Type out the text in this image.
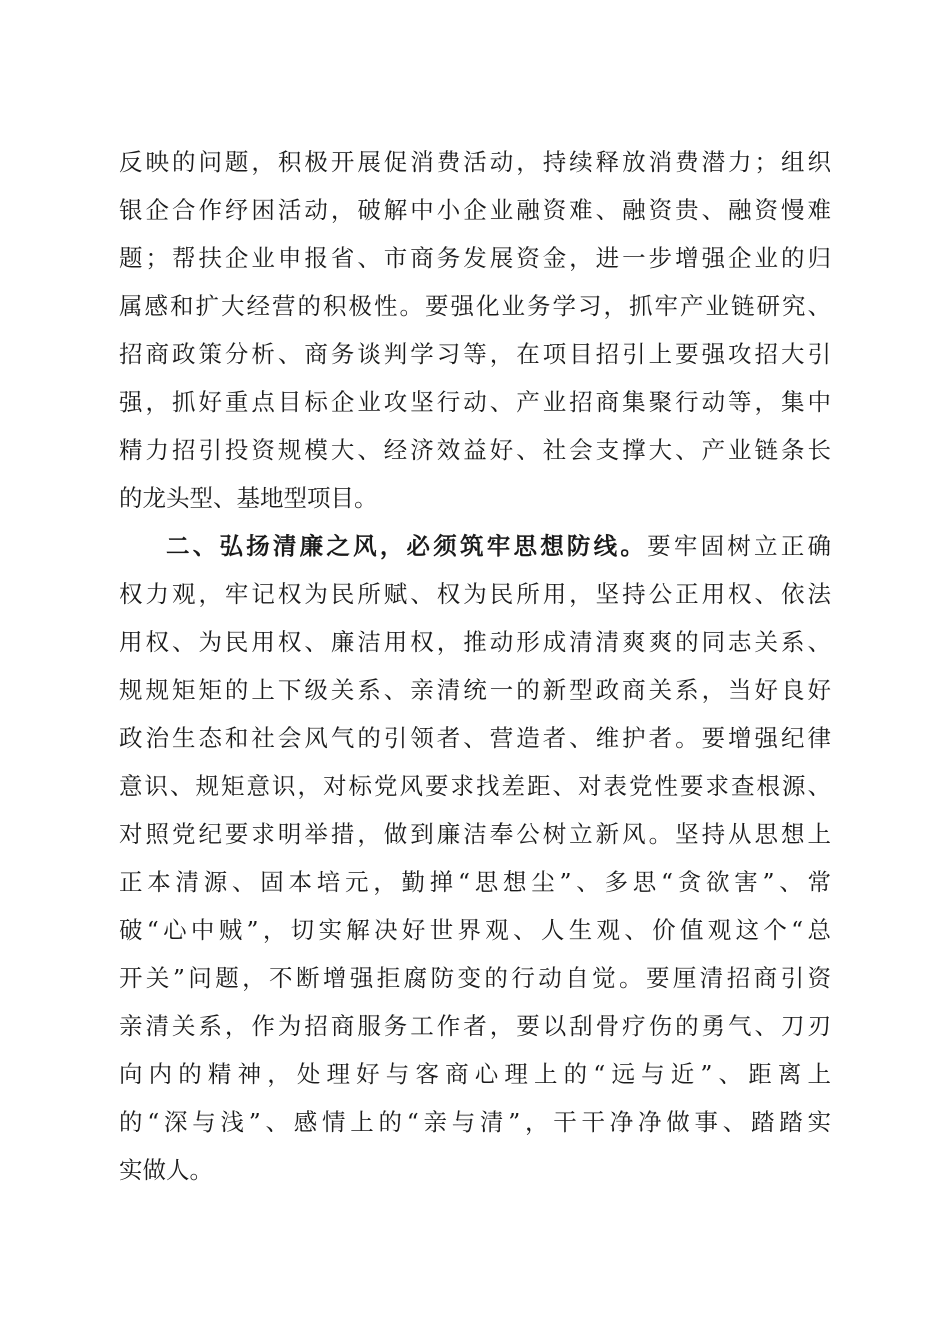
反映的问题，积极开展促消费活动，持续释放消费潜力；组织
银企合作纾困活动，破解中小企业融资难、融资贵、融资慢难
题；帮扶企业申报省、市商务发展资金，进一步增强企业的归
属感和扩大经营的积极性。要强化业务学习，抓牢产业链研究、
招商政策分析、商务谈判学习等，在项目招引上要强攻招大引
强，抓好重点目标企业攻坚行动、产业招商集聚行动等，集中
精力招引投资规模大、经济效益好、社会支撑大、产业链条长
的龙头型、基地型项目。
二、弘扬清廉之风，必须筑牢思想防线。要牢固树立正确
权力观，牢记权为民所赋、权为民所用，坚持公正用权、依法
用权、为民用权、廉洁用权，推动形成清清爽爽的同志关系、
规规矩矩的上下级关系、亲清统一的新型政商关系，当好良好
政治生态和社会风气的引领者、营造者、维护者。要增强纪律
意识、规矩意识，对标党风要求找差距、对表党性要求查根源、
对照党纪要求明举措，做到廉洁奉公树立新风。坚持从思想上
正本清源、固本培元，勤掸“思想尘”、多思“贪欲害”、常
破“心中贼”，切实解决好世界观、人生观、价值观这个“总
开关”问题，不断增强拒腐防变的行动自觉。要厘清招商引资
亲清关系，作为招商服务工作者，要以刮骨疗伤的勇气、刀刃
向内的精神，处理好与客商心理上的“远与近”、距离上
的“深与浅”、感情上的“亲与清”，干干净净做事、踏踏实
实做人。
